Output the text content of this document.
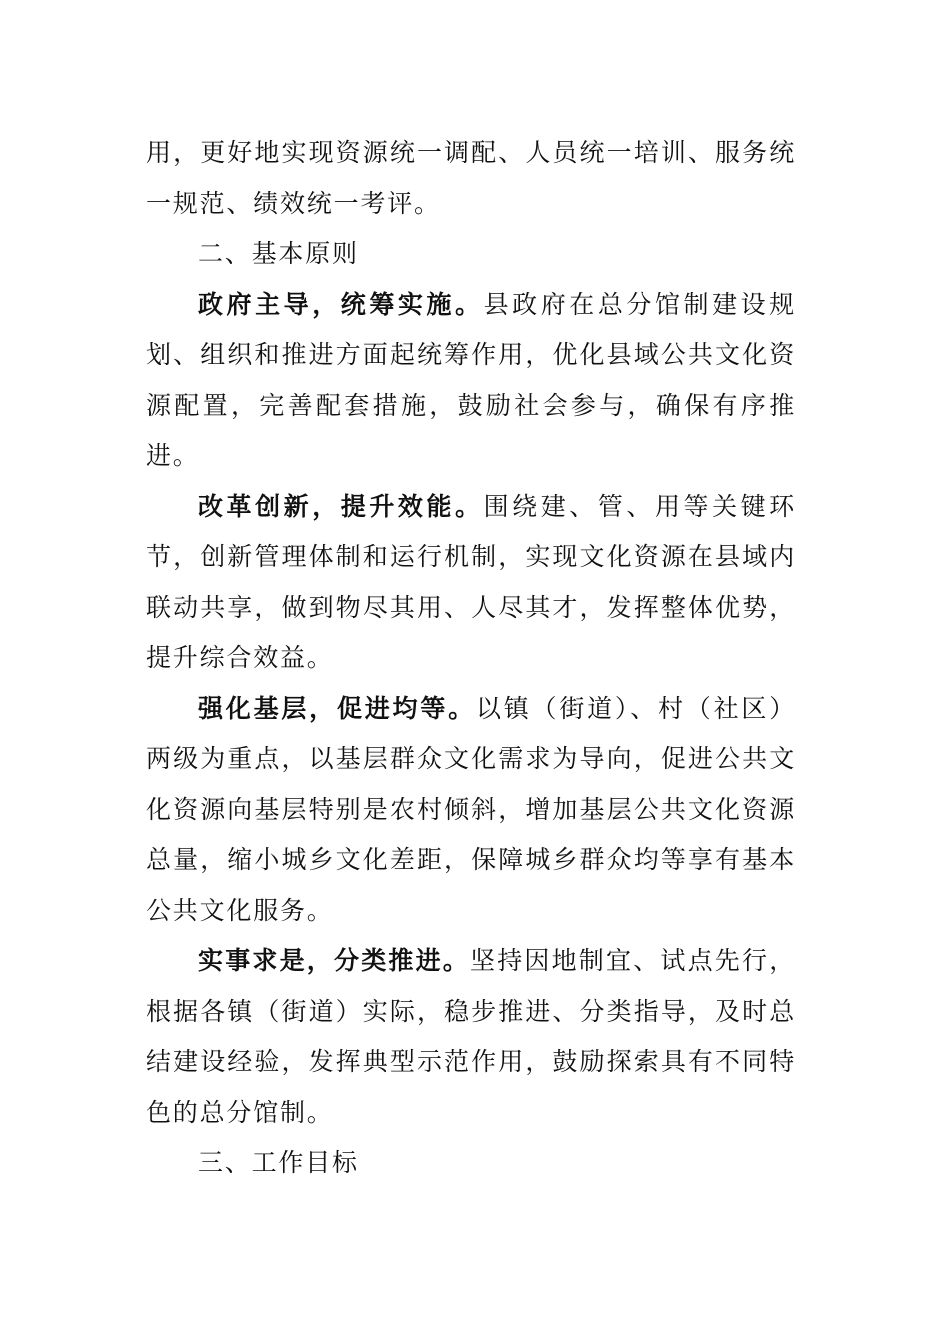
用，更好地实现资源统一调配、人员统一培训、服务统一规范、绩效统一考评。

二、基本原则

政府主导，统筹实施。县政府在总分馆制建设规划、组织和推进方面起统筹作用，优化县域公共文化资源配置，完善配套措施，鼓励社会参与，确保有序推进。

改革创新，提升效能。围绕建、管、用等关键环节，创新管理体制和运行机制，实现文化资源在县域内联动共享，做到物尽其用、人尽其才，发挥整体优势，提升综合效益。

强化基层，促进均等。以镇（街道）、村（社区）两级为重点，以基层群众文化需求为导向，促进公共文化资源向基层特别是农村倾斜，增加基层公共文化资源总量，缩小城乡文化差距，保障城乡群众均等享有基本公共文化服务。

实事求是，分类推进。坚持因地制宜、试点先行，根据各镇（街道）实际，稳步推进、分类指导，及时总结建设经验，发挥典型示范作用，鼓励探索具有不同特色的总分馆制。

三、工作目标
